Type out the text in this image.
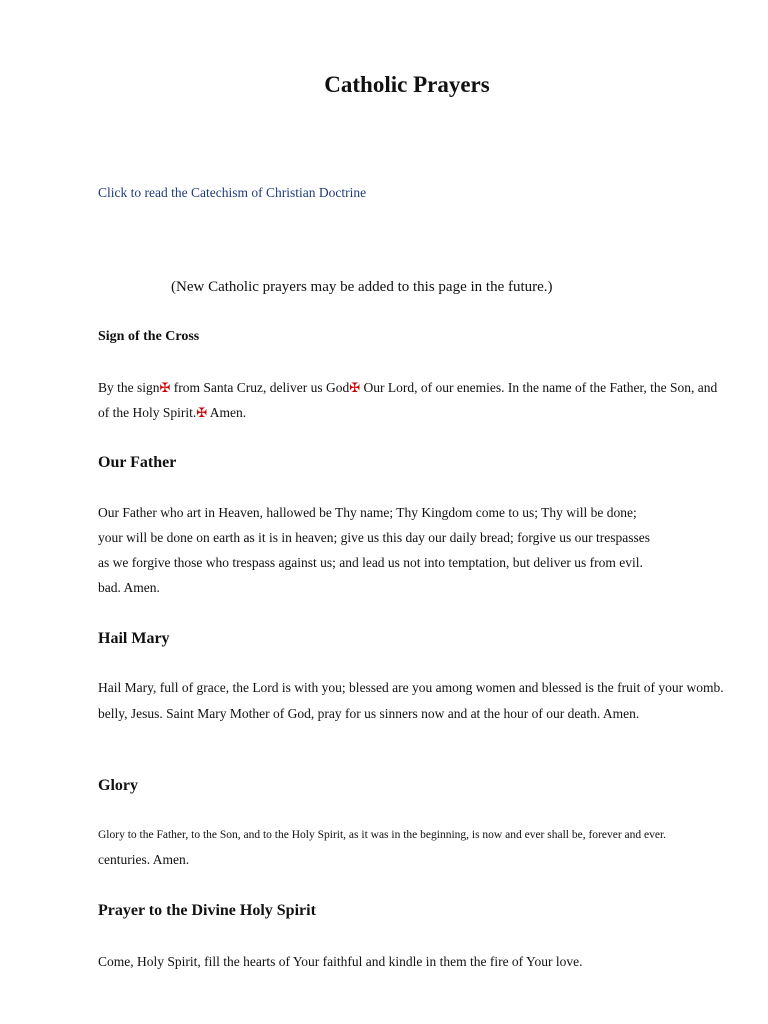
Catholic Prayers
Click to read the Catechism of Christian Doctrine
(New Catholic prayers may be added to this page in the future.)
Sign of the Cross
By the sign✠ from Santa Cruz, deliver us God✠ Our Lord, of our enemies. In the name of the Father, the Son, and
of the Holy Spirit.✠ Amen.
Our Father
Our Father who art in Heaven, hallowed be Thy name; Thy Kingdom come to us; Thy will be done;
your will be done on earth as it is in heaven; give us this day our daily bread; forgive us our trespasses
as we forgive those who trespass against us; and lead us not into temptation, but deliver us from evil.
bad. Amen.
Hail Mary
Hail Mary, full of grace, the Lord is with you; blessed are you among women and blessed is the fruit of your womb.
belly, Jesus. Saint Mary Mother of God, pray for us sinners now and at the hour of our death. Amen.
Glory
Glory to the Father, to the Son, and to the Holy Spirit, as it was in the beginning, is now and ever shall be, forever and ever.
centuries. Amen.
Prayer to the Divine Holy Spirit
Come, Holy Spirit, fill the hearts of Your faithful and kindle in them the fire of Your love.
